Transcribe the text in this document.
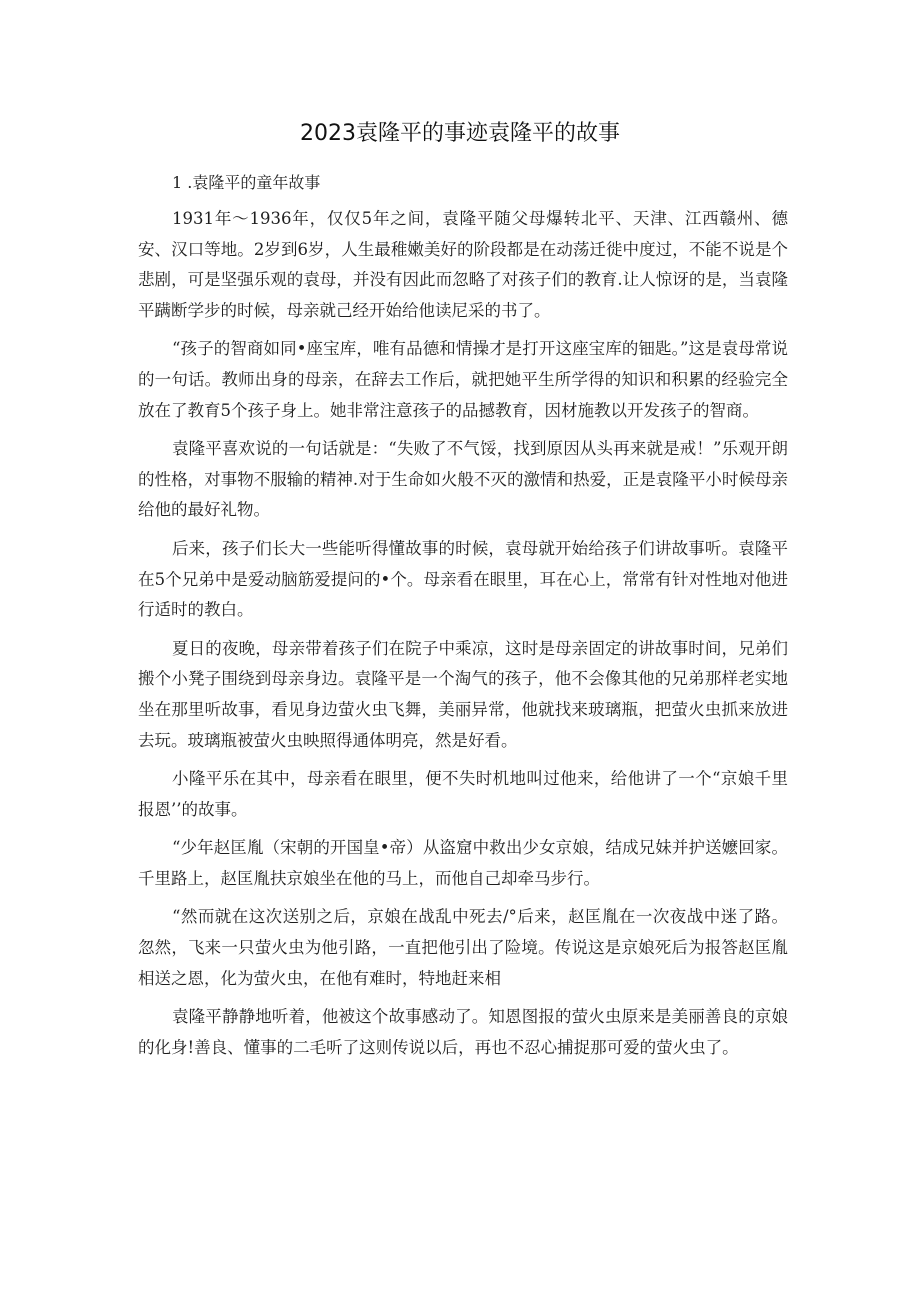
2023袁隆平的事迹袁隆平的故事
1 .袁隆平的童年故事

1931年～1936年，仅仅5年之间，袁隆平随父母爆转北平、天津、江西赣州、德安、汉口等地。2岁到6岁，人生最稚嫩美好的阶段都是在动荡迁徙中度过，不能不说是个悲剧，可是坚强乐观的袁母，并没有因此而忽略了对孩子们的教育.让人惊讶的是，当袁隆平蹒断学步的时候，母亲就己经开始给他读尼采的书了。

“孩子的智商如同•座宝库，唯有品德和情操才是打开这座宝库的钿匙。”这是袁母常说的一句话。教师出身的母亲，在辞去工作后，就把她平生所学得的知识和积累的经验完全放在了教育5个孩子身上。她非常注意孩子的品撼教育，因材施教以开发孩子的智商。

袁隆平喜欢说的一句话就是：“失败了不气馁，找到原因从头再来就是戒！”乐观开朗的性格，对事物不服输的精神.对于生命如火般不灭的激情和热爱，正是袁隆平小时候母亲给他的最好礼物。

后来，孩子们长大一些能听得懂故事的时候，袁母就开始给孩子们讲故事听。袁隆平在5个兄弟中是爱动脑筋爱提问的•个。母亲看在眼里，耳在心上，常常有针对性地对他进行适时的教白。

夏日的夜晚，母亲带着孩子们在院子中乘凉，这时是母亲固定的讲故事时间，兄弟们搬个小凳子围绕到母亲身边。袁隆平是一个淘气的孩子，他不会像其他的兄弟那样老实地坐在那里听故事，看见身边萤火虫飞舞，美丽异常，他就找来玻璃瓶，把萤火虫抓来放进去玩。玻璃瓶被萤火虫映照得通体明亮，然是好看。

小隆平乐在其中，母亲看在眼里，便不失时机地叫过他来，给他讲了一个“京娘千里报恩’’的故事。

“少年赵匡胤（宋朝的开国皇•帝）从盗窟中救出少女京娘，结成兄妹并护送嬷回家。千里路上，赵匡胤扶京娘坐在他的马上，而他自己却牵马步行。

“然而就在这次送别之后，京娘在战乱中死去/°后来，赵匡胤在一次夜战中迷了路。忽然，飞来一只萤火虫为他引路，一直把他引出了险境。传说这是京娘死后为报答赵匡胤相送之恩，化为萤火虫，在他有难时，特地赶来相

袁隆平静静地听着，他被这个故事感动了。知恩图报的萤火虫原来是美丽善良的京娘的化身!善良、懂事的二毛听了这则传说以后，再也不忍心捕捉那可爱的萤火虫了。
